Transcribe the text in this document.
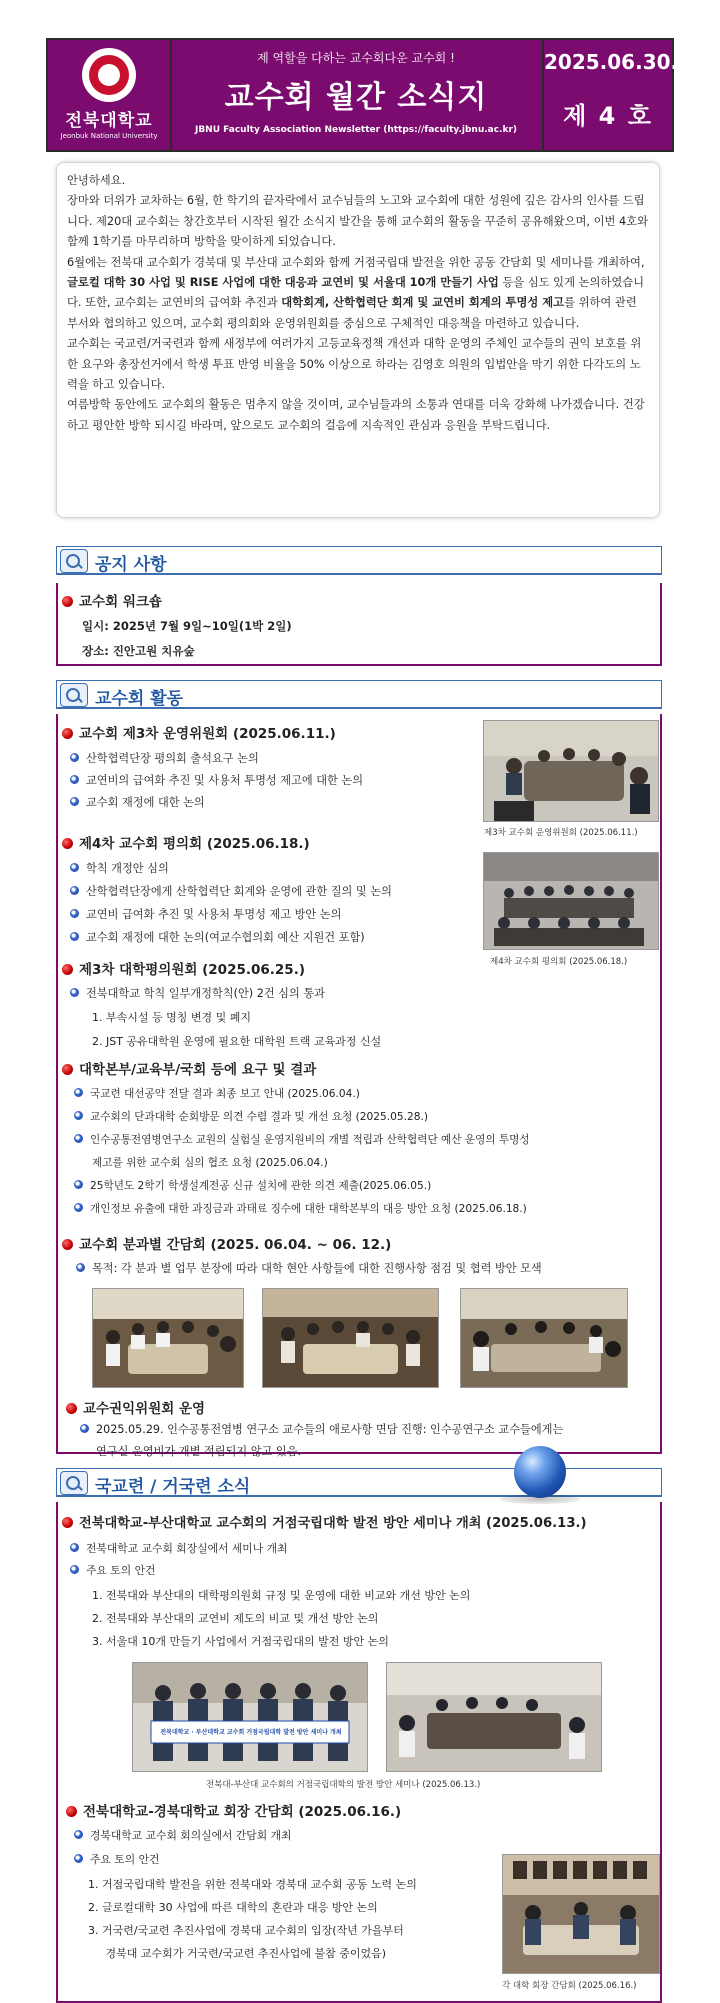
전북대학교
Jeonbuk National University
제 역할을 다하는 교수회다운 교수회 !
교수회 월간 소식지
JBNU Faculty Association Newsletter (https://faculty.jbnu.ac.kr)
2025.06.30.
제 4 호

안녕하세요.

장마와 더위가 교차하는 6월, 한 학기의 끝자락에서 교수님들의 노고와 교수회에 대한 성원에 깊은 감사의 인사를 드립니다. 제20대 교수회는 창간호부터 시작된 월간 소식지 발간을 통해 교수회의 활동을 꾸준히 공유해왔으며, 이번 4호와 함께 1학기를 마무리하며 방학을 맞이하게 되었습니다.

6월에는 전북대 교수회가 경북대 및 부산대 교수회와 함께 거점국립대 발전을 위한 공동 간담회 및 세미나를 개최하여, 글로컬 대학 30 사업 및 RISE 사업에 대한 대응과 교연비 및 서울대 10개 만들기 사업 등을 심도 있게 논의하였습니다. 또한, 교수회는 교연비의 급여화 추진과 대학회계, 산학협력단 회계 및 교연비 회계의 투명성 제고를 위하여 관련 부서와 협의하고 있으며, 교수회 평의회와 운영위원회를 중심으로 구체적인 대응책을 마련하고 있습니다.

교수회는 국교련/거국련과 함께 새정부에 여러가지 고등교육정책 개선과 대학 운영의 주체인 교수들의 권익 보호를 위한 요구와 총장선거에서 학생 투표 반영 비율을 50% 이상으로 하라는 김영호 의원의 입법안을 막기 위한 다각도의 노력을 하고 있습니다.

여름방학 동안에도 교수회의 활동은 멈추지 않을 것이며, 교수님들과의 소통과 연대를 더욱 강화해 나가겠습니다. 건강하고 평안한 방학 되시길 바라며, 앞으로도 교수회의 걸음에 지속적인 관심과 응원을 부탁드립니다.

공지 사항
교수회 워크숍
일시: 2025년 7월 9일~10일(1박 2일)
장소: 진안고원 치유숲
교수회 활동
교수회 제3차 운영위원회 (2025.06.11.)
산학협력단장 평의회 출석요구 논의
교연비의 급여화 추진 및 사용처 투명성 제고에 대한 논의
교수회 재정에 대한 논의
제3차 교수회 운영위원회 (2025.06.11.)
제4차 교수회 평의회 (2025.06.18.)
학칙 개정안 심의
산학협력단장에게 산학협력단 회계와 운영에 관한 질의 및 논의
교연비 급여화 추진 및 사용처 투명성 제고 방안 논의
교수회 재정에 대한 논의(여교수협의회 예산 지원건 포함)
제4차 교수회 평의회 (2025.06.18.)
제3차 대학평의원회 (2025.06.25.)
전북대학교 학칙 일부개정학칙(안) 2건 심의 통과
1. 부속시설 등 명칭 변경 및 폐지
2. JST 공유대학원 운영에 필요한 대학원 트랙 교육과정 신설
대학본부/교육부/국회 등에 요구 및 결과
국교련 대선공약 전달 결과 최종 보고 안내 (2025.06.04.)
교수회의 단과대학 순회방문 의견 수렴 결과 및 개선 요청 (2025.05.28.)
인수공통전염병연구소 교원의 실험실 운영지원비의 개별 적립과 산학협력단 예산 운영의 투명성
제고를 위한 교수회 심의 협조 요청 (2025.06.04.)
25학년도 2학기 학생설계전공 신규 설치에 관한 의견 제출(2025.06.05.)
개인정보 유출에 대한 과징금과 과태료 징수에 대한 대학본부의 대응 방안 요청 (2025.06.18.)
교수회 분과별 간담회 (2025. 06.04. ~ 06. 12.)
목적: 각 분과 별 업무 분장에 따라 대학 현안 사항들에 대한 진행사항 점검 및 협력 방안 모색
교수권익위원회 운영
2025.05.29. 인수공통전염병 연구소 교수들의 애로사항 면담 진행: 인수공연구소 교수들에게는
연구실 운영비가 개별 적립되지 않고 있음.
국교련 / 거국련 소식
전북대학교-부산대학교 교수회의 거점국립대학 발전 방안 세미나 개최 (2025.06.13.)
전북대학교 교수회 회장실에서 세미나 개최
주요 토의 안건
1. 전북대와 부산대의 대학평의원회 규정 및 운영에 대한 비교와 개선 방안 논의
2. 전북대와 부산대의 교연비 제도의 비교 및 개선 방안 논의
3. 서울대 10개 만들기 사업에서 거점국립대의 발전 방안 논의
전북대학교 · 부산대학교 교수회 거점국립대학 발전 방안 세미나 개최
전북대-부산대 교수회의 거점국립대학의 발전 방안 세미나 (2025.06.13.)
전북대학교-경북대학교 회장 간담회 (2025.06.16.)
경북대학교 교수회 회의실에서 간담회 개최
주요 토의 안건
1. 거점국립대학 발전을 위한 전북대와 경북대 교수회 공동 노력 논의
2. 글로컬대학 30 사업에 따른 대학의 혼란과 대응 방안 논의
3. 거국련/국교련 추진사업에 경북대 교수회의 입장(작년 가을부터
경북대 교수회가 거국련/국교련 추진사업에 불참 중이었음)
각 대학 회장 간담회 (2025.06.16.)
